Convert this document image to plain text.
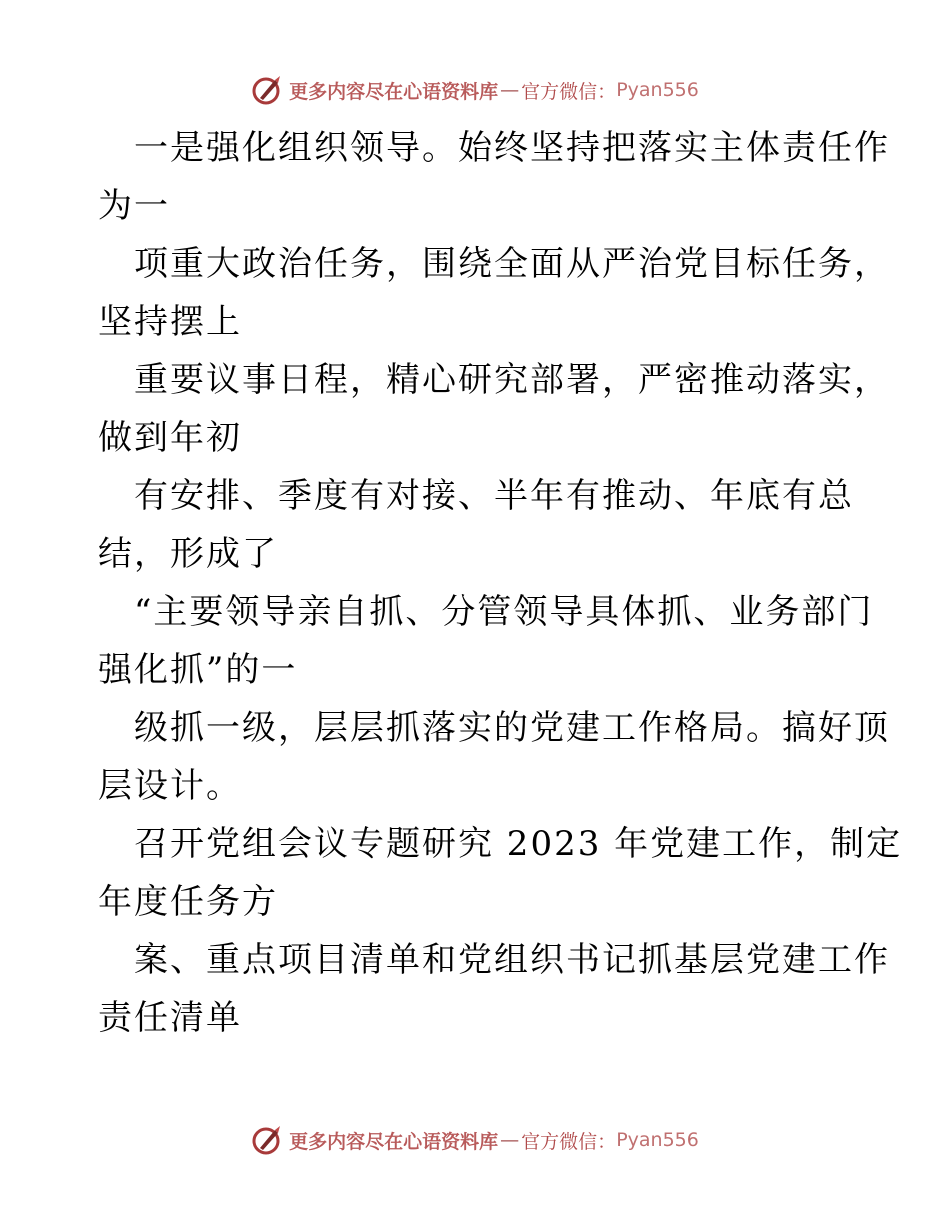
更多内容尽在心语资料库 — 官方微信： Pyan556
一是强化组织领导。始终坚持把落实主体责任作
为一
项重大政治任务，围绕全面从严治党目标任务，
坚持摆上
重要议事日程，精心研究部署，严密推动落实，
做到年初
有安排、季度有对接、半年有推动、年底有总
结，形成了
“主要领导亲自抓、分管领导具体抓、业务部门
强化抓”的一
级抓一级，层层抓落实的党建工作格局。搞好顶
层设计。
召开党组会议专题研究 2023 年党建工作，制定
年度任务方
案、重点项目清单和党组织书记抓基层党建工作
责任清单
更多内容尽在心语资料库 — 官方微信： Pyan556
